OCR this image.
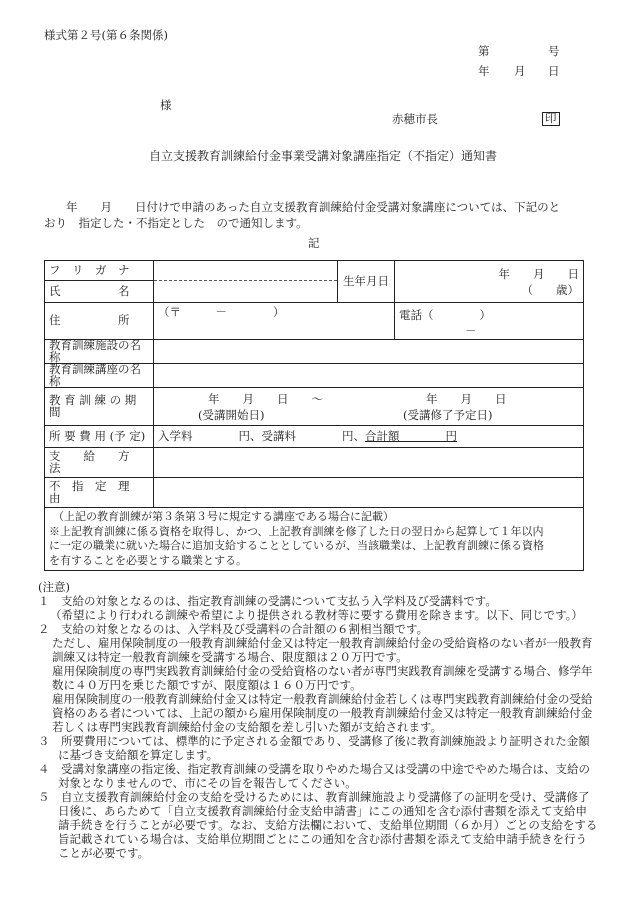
様式第２号(第６条関係)
第	号
年 月 日
様
赤穂市長	印
自立支援教育訓練給付金事業受講対象講座指定（不指定）通知書
年　　月　　日付けで申請のあった自立支援教育訓練給付金受講対象講座については、下記のと
おり　指定した・不指定とした　ので通知します。
記
フ　リ　ガ　ナ		生年月日	年　　月　　日
（　　歳）

氏　　　　　名			
住　　　　　所	（〒　　　－　　　　）		電話（　　　　）
－

教育訓練施設の名称			
教育訓練講座の名称			
教 育 訓 練 の 期 間	年　　月　　日　　～ 年　　月　　日
(受講開始日) (受講修了予定日)		

所 要 費 用 (予 定)	入学料　　　　円、受講料　　　　円、合計額　　　　円		
支　　給　　方　　法			
不　指　定　理　由			

（上記の教育訓練が第３条第３号に規定する講座である場合に記載）
※上記教育訓練に係る資格を取得し、かつ、上記教育訓練を修了した日の翌日から起算して１年以内
に一定の職業に就いた場合に追加支給することとしているが、当該職業は、上記教育訓練に係る資格
を有することを必要とする職業とする。			

(注意)

１　支給の対象となるのは、指定教育訓練の受講について支払う入学料及び受講料です。

（希望により行われる訓練や希望により提供される教材等に要する費用を除きます。以下、同じです。）

２　支給の対象となるのは、入学料及び受講料の合計額の６割相当額です。

ただし、雇用保険制度の一般教育訓練給付金又は特定一般教育訓練給付金の受給資格のない者が一般教育訓練又は特定一般教育訓練を受講する場合、限度額は２０万円です。

雇用保険制度の専門実践教育訓練給付金の受給資格のない者が専門実践教育訓練を受講する場合、修学年数に４０万円を乗じた額ですが、限度額は１６０万円です。

雇用保険制度の一般教育訓練給付金又は特定一般教育訓練給付金若しくは専門実践教育訓練給付金の受給資格のある者については、上記の額から雇用保険制度の一般教育訓練給付金又は特定一般教育訓練給付金若しくは専門実践教育訓練給付金の支給額を差し引いた額が支給されます。

３　所要費用については、標準的に予定される金額であり、受講修了後に教育訓練施設より証明された金額に基づき支給額を算定します。

４　受講対象講座の指定後、指定教育訓練の受講を取りやめた場合又は受講の中途でやめた場合は、支給の対象となりませんので、市にその旨を報告してください。

５　自立支援教育訓練給付金の支給を受けるためには、教育訓練施設より受講修了の証明を受け、受講修了日後に、あらためて「自立支援教育訓練給付金支給申請書」にこの通知を含む添付書類を添えて支給申請手続きを行うことが必要です。なお、支給方法欄において、支給単位期間（６か月）ごとの支給をする旨記載されている場合は、支給単位期間ごとにこの通知を含む添付書類を添えて支給申請手続きを行うことが必要です。
